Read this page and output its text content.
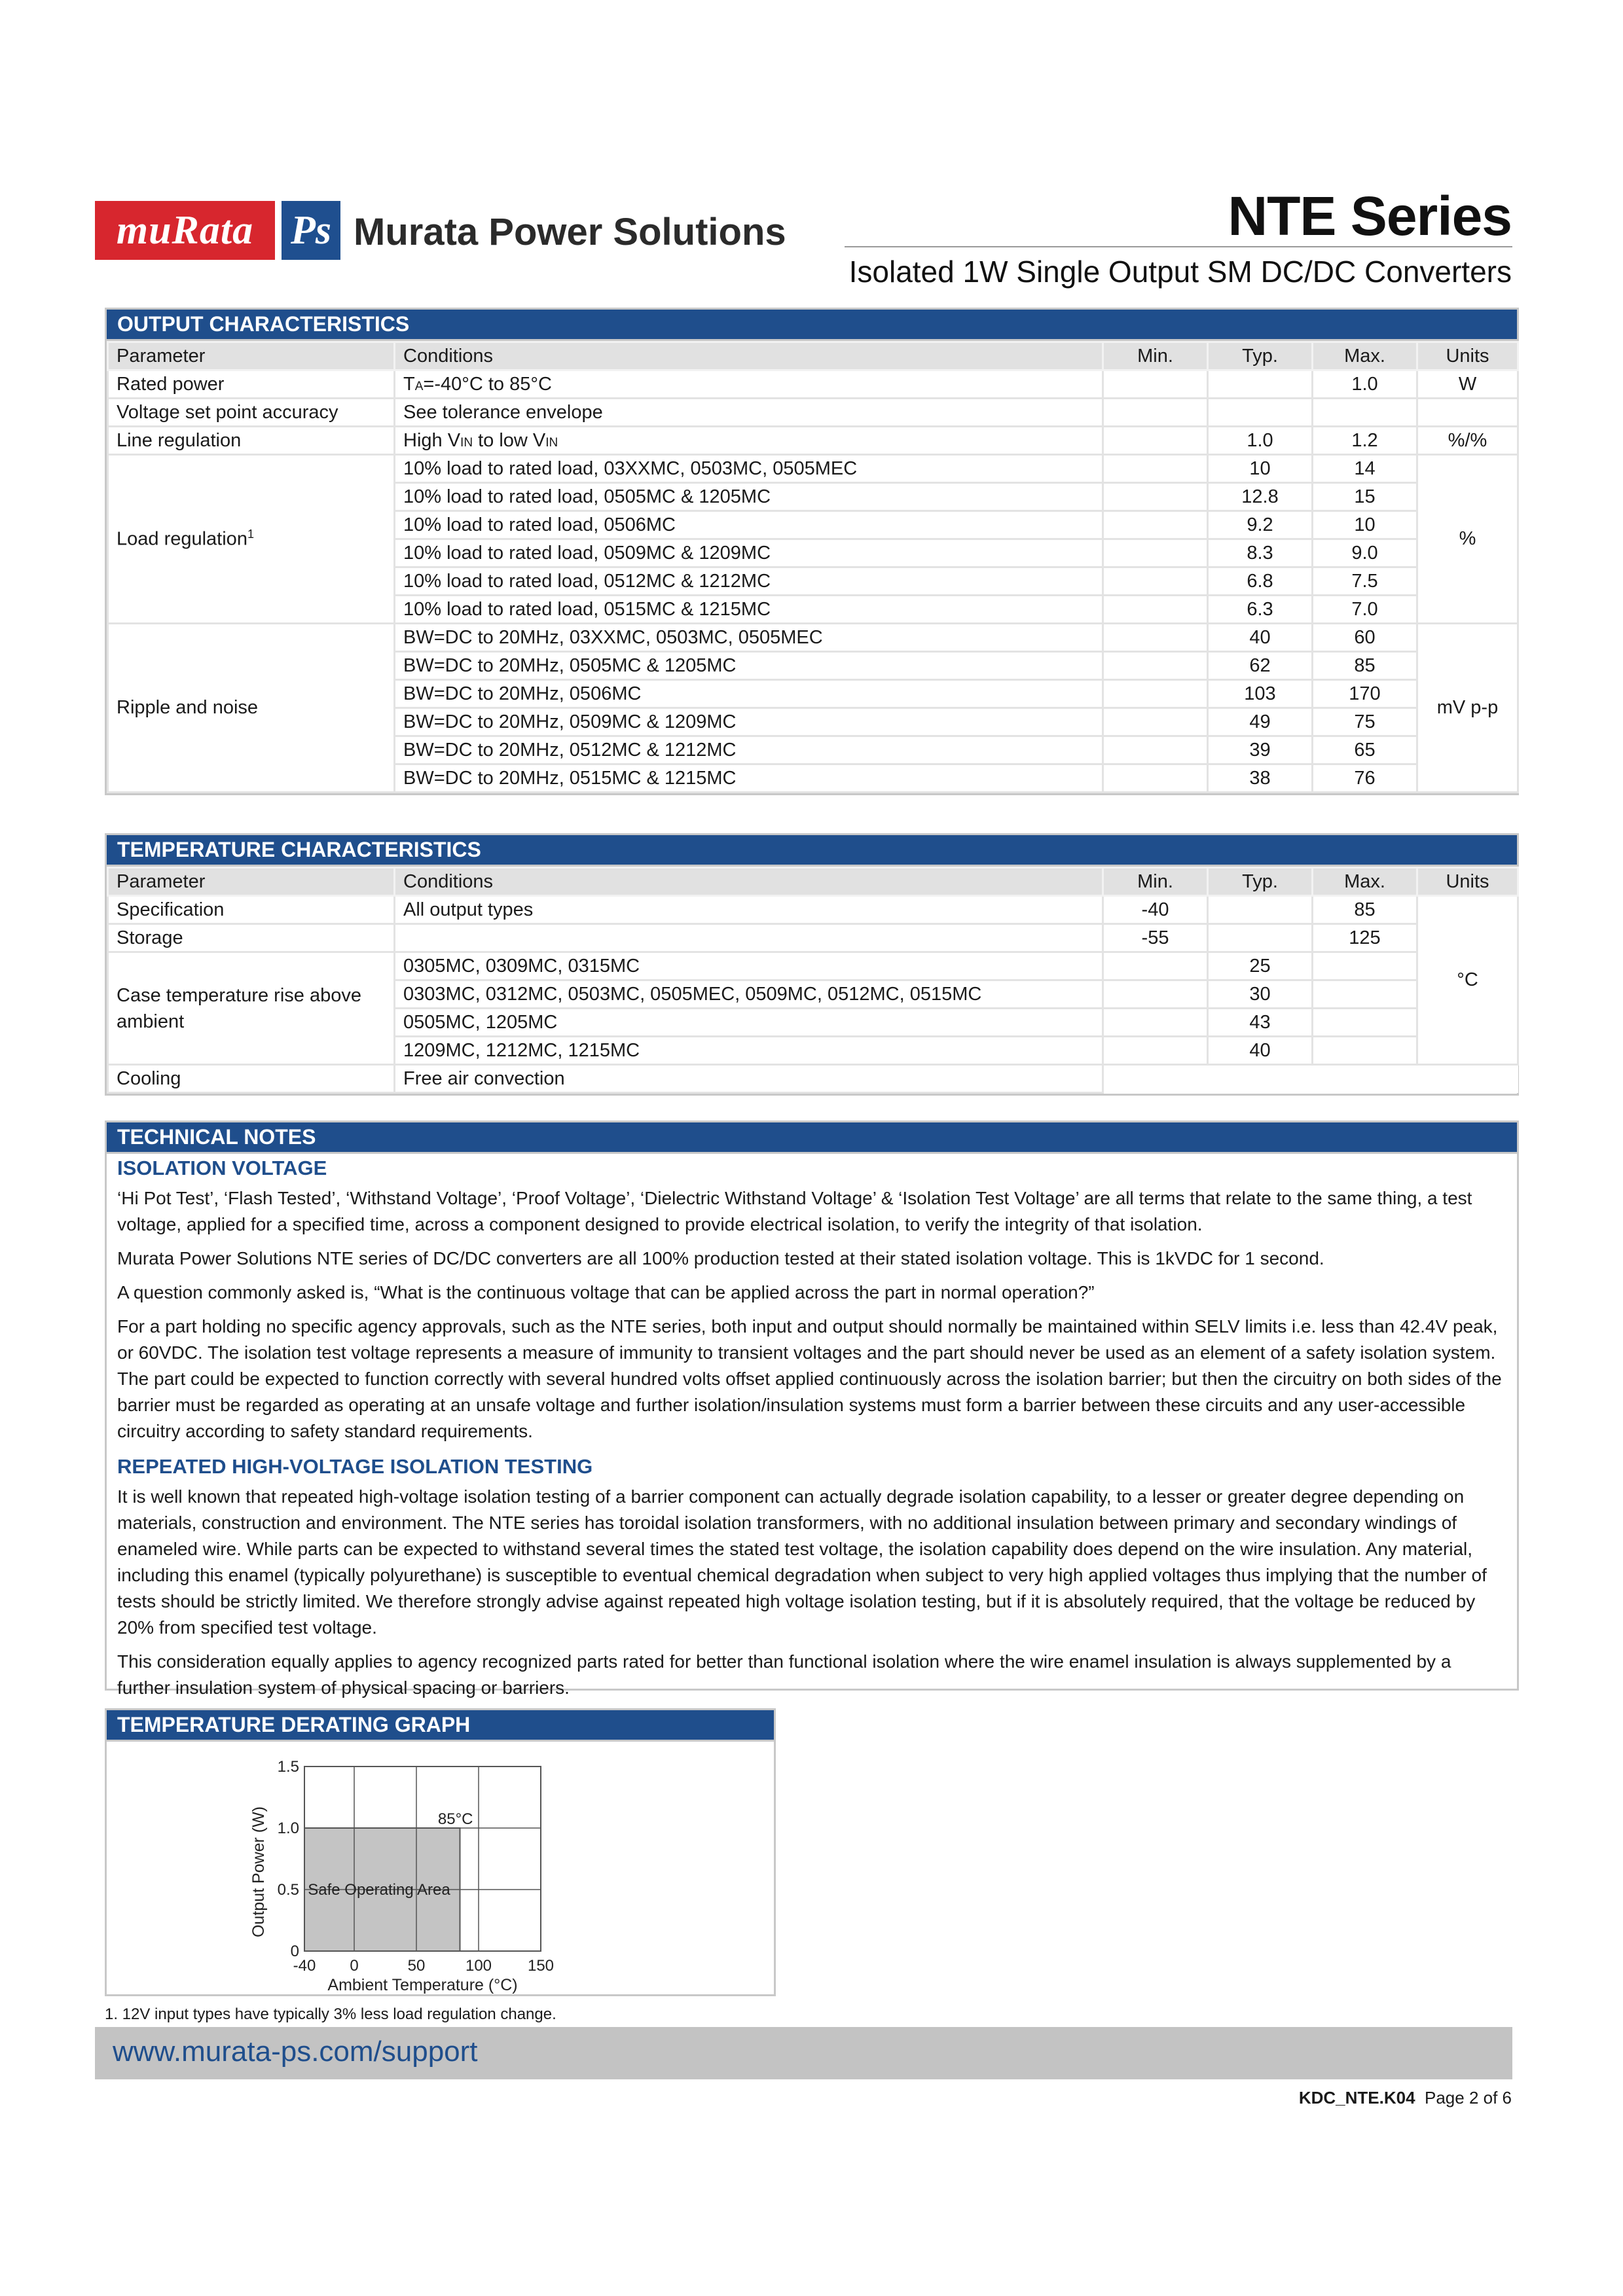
muRata Ps Murata Power Solutions	NTE Series
Isolated 1W Single Output SM DC/DC Converters
OUTPUT CHARACTERISTICS
Parameter	Conditions	Min.	Typ.	Max.	Units
Rated power	TA=-40°C to 85°C			1.0	W
Voltage set point accuracy	See tolerance envelope				
Line regulation	High VIN to low VIN		1.0	1.2	%/%
Load regulation$^1$	10% load to rated load, 03XXMC, 0503MC, 0505MEC		10	14	%
	10% load to rated load, 0505MC & 1205MC		12.8	15	
	10% load to rated load, 0506MC		9.2	10	
	10% load to rated load, 0509MC & 1209MC		8.3	9.0	
	10% load to rated load, 0512MC & 1212MC		6.8	7.5	
	10% load to rated load, 0515MC & 1215MC		6.3	7.0	
Ripple and noise	BW=DC to 20MHz, 03XXMC, 0503MC, 0505MEC		40	60	mV p-p
	BW=DC to 20MHz, 0505MC & 1205MC		62	85	
	BW=DC to 20MHz, 0506MC		103	170	
	BW=DC to 20MHz, 0509MC & 1209MC		49	75	
	BW=DC to 20MHz, 0512MC & 1212MC		39	65	
	BW=DC to 20MHz, 0515MC & 1215MC		38	76	
TEMPERATURE CHARACTERISTICS
Parameter	Conditions	Min.	Typ.	Max.	Units
Specification	All output types	-40		85	°C
Storage		-55		125	
Case temperature rise above
ambient	0305MC, 0309MC, 0315MC		25		
	0303MC, 0312MC, 0503MC, 0505MEC, 0509MC, 0512MC, 0515MC		30		
	0505MC, 1205MC		43		
	1209MC, 1212MC, 1215MC		40		
Cooling	Free air convection				
TECHNICAL NOTES
ISOLATION VOLTAGE

‘Hi Pot Test’, ‘Flash Tested’, ‘Withstand Voltage’, ‘Proof Voltage’, ‘Dielectric Withstand Voltage’ & ‘Isolation Test Voltage’ are all terms that relate to the same thing, a test voltage, applied for a specified time, across a component designed to provide electrical isolation, to verify the integrity of that isolation.

Murata Power Solutions NTE series of DC/DC converters are all 100% production tested at their stated isolation voltage. This is 1kVDC for 1 second.

A question commonly asked is, “What is the continuous voltage that can be applied across the part in normal operation?”

For a part holding no specific agency approvals, such as the NTE series, both input and output should normally be maintained within SELV limits i.e. less than 42.4V peak, or 60VDC. The isolation test voltage represents a measure of immunity to transient voltages and the part should never be used as an element of a safety isolation system. The part could be expected to function correctly with several hundred volts offset applied continuously across the isolation barrier; but then the circuitry on both sides of the barrier must be regarded as operating at an unsafe voltage and further isolation/insulation systems must form a barrier between these circuits and any user-accessible circuitry according to safety standard requirements.

REPEATED HIGH-VOLTAGE ISOLATION TESTING

It is well known that repeated high-voltage isolation testing of a barrier component can actually degrade isolation capability, to a lesser or greater degree depending on materials, construction and environment. The NTE series has toroidal isolation transformers, with no additional insulation between primary and secondary windings of enameled wire. While parts can be expected to withstand several times the stated test voltage, the isolation capability does depend on the wire insulation. Any material, including this enamel (typically polyurethane) is susceptible to eventual chemical degradation when subject to very high applied voltages thus implying that the number of tests should be strictly limited. We therefore strongly advise against repeated high voltage isolation testing, but if it is absolutely required, that the voltage be reduced by 20% from specified test voltage.

This consideration equally applies to agency recognized parts rated for better than functional isolation where the wire enamel insulation is always supplemented by a further insulation system of physical spacing or barriers.

TEMPERATURE DERATING GRAPH
-40 0	50	100 150
0
0.5
1.0
1.5
Ambient Temperature (°C)
Output Power (W)	85°C
Safe Operating Area
1. 12V input types have typically 3% less load regulation change.
www.murata-ps.com/support
KDC_NTE.K04 Page 2 of 6
